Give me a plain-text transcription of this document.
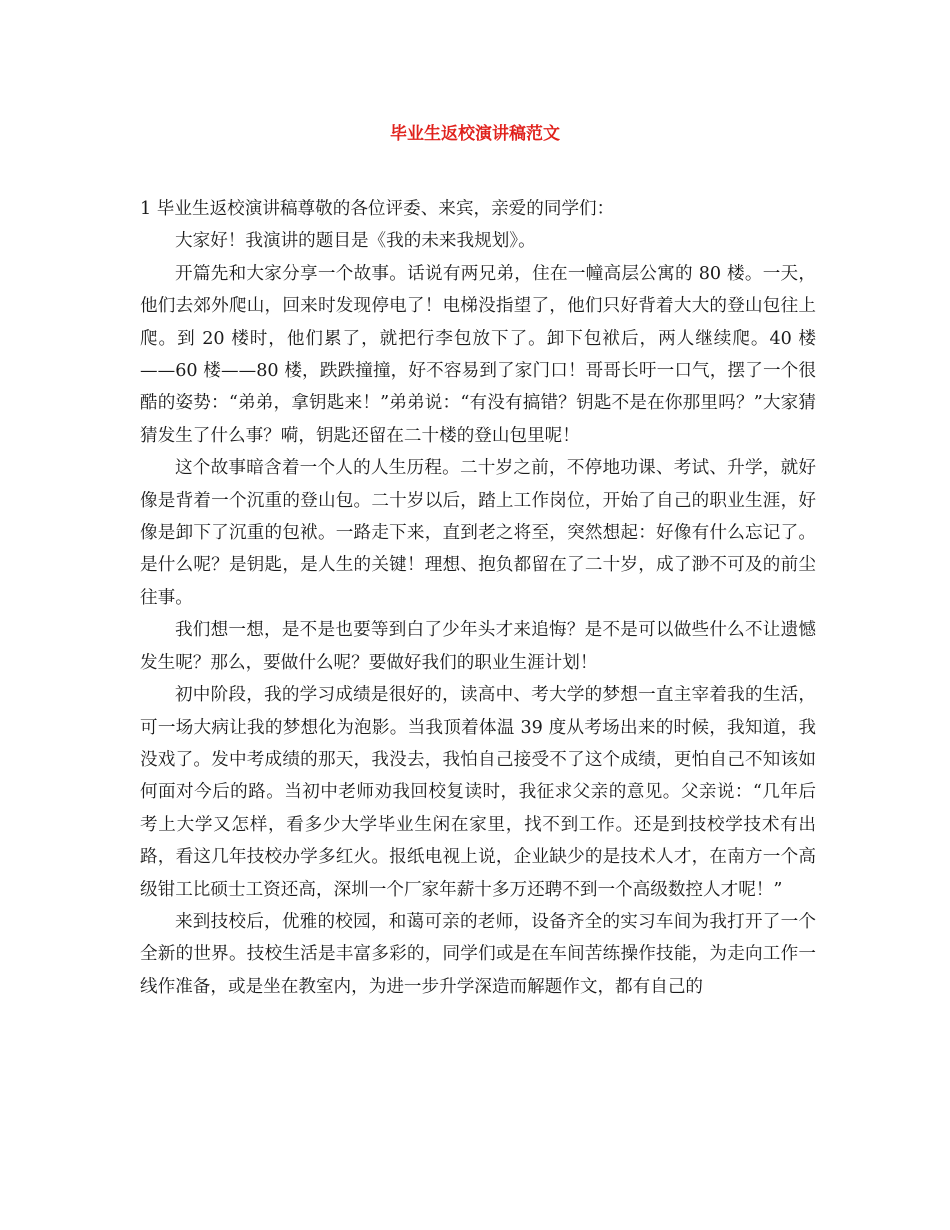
毕业生返校演讲稿范文

1 毕业生返校演讲稿尊敬的各位评委、来宾，亲爱的同学们：

大家好！我演讲的题目是《我的未来我规划》。

开篇先和大家分享一个故事。话说有两兄弟，住在一幢高层公寓的 80 楼。一天，他们去郊外爬山，回来时发现停电了！电梯没指望了，他们只好背着大大的登山包往上爬。到 20 楼时，他们累了，就把行李包放下了。卸下包袱后，两人继续爬。40 楼——60 楼——80 楼，跌跌撞撞，好不容易到了家门口！哥哥长吁一口气，摆了一个很酷的姿势：“弟弟，拿钥匙来！”弟弟说：“有没有搞错？钥匙不是在你那里吗？”大家猜猜发生了什么事？嗬，钥匙还留在二十楼的登山包里呢！

这个故事暗含着一个人的人生历程。二十岁之前，不停地功课、考试、升学，就好像是背着一个沉重的登山包。二十岁以后，踏上工作岗位，开始了自己的职业生涯，好像是卸下了沉重的包袱。一路走下来，直到老之将至，突然想起：好像有什么忘记了。是什么呢？是钥匙，是人生的关键！理想、抱负都留在了二十岁，成了渺不可及的前尘往事。

我们想一想，是不是也要等到白了少年头才来追悔？是不是可以做些什么不让遗憾发生呢？那么，要做什么呢？要做好我们的职业生涯计划！

初中阶段，我的学习成绩是很好的，读高中、考大学的梦想一直主宰着我的生活，可一场大病让我的梦想化为泡影。当我顶着体温 39 度从考场出来的时候，我知道，我没戏了。发中考成绩的那天，我没去，我怕自己接受不了这个成绩，更怕自己不知该如何面对今后的路。当初中老师劝我回校复读时，我征求父亲的意见。父亲说：“几年后考上大学又怎样，看多少大学毕业生闲在家里，找不到工作。还是到技校学技术有出路，看这几年技校办学多红火。报纸电视上说，企业缺少的是技术人才，在南方一个高级钳工比硕士工资还高，深圳一个厂家年薪十多万还聘不到一个高级数控人才呢！”

来到技校后，优雅的校园，和蔼可亲的老师，设备齐全的实习车间为我打开了一个全新的世界。技校生活是丰富多彩的，同学们或是在车间苦练操作技能，为走向工作一线作准备，或是坐在教室内，为进一步升学深造而解题作文，都有自己的
